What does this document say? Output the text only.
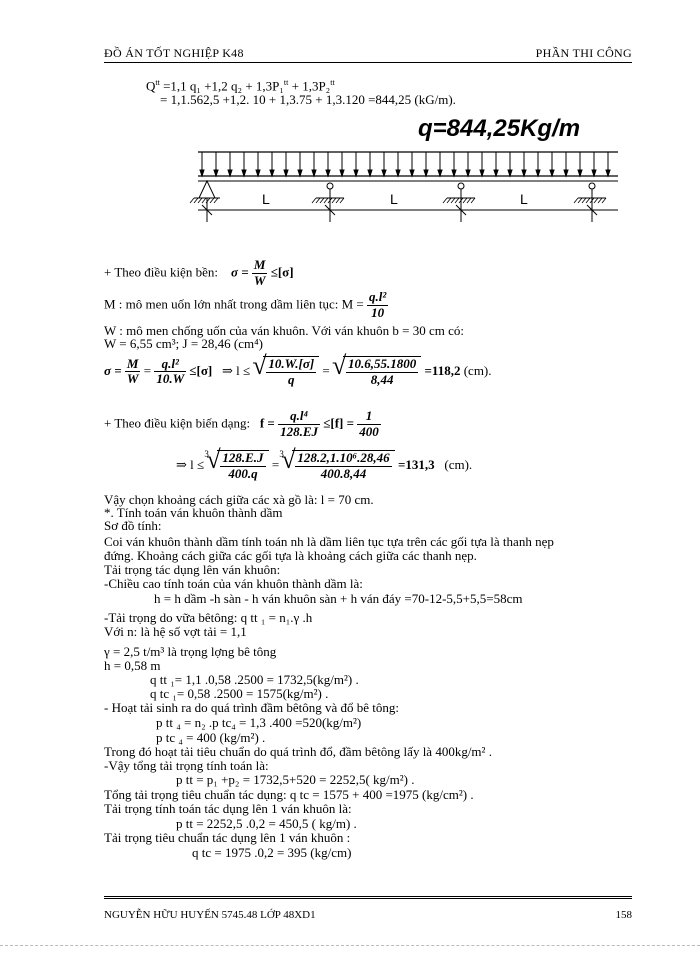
ĐỒ ÁN TỐT NGHIỆP K48	PHẦN THI CÔNG
$Q^{tt} =1,1$ q₁ +1,2 q₂ + 1,3P₁$^{tt}$ + 1,3P₂$^{tt}$
= 1,1.562,5 +1,2. 10 + 1,3.75 + 1,3.120 =844,25 (kG/m).
q=844,25Kg/m
L	L	L
+ Theo điều kiện bền: $\sigma = \frac{M}{W} \le[\sigma]$
M : mô men uốn lớn nhất trong dầm liên tục: $M = \frac{\text{q.l²}}{10}$
W : mô men chống uốn của ván khuôn. Với ván khuôn b = 30 cm có:
W = 6,55 cm³; J = 28,46 (cm⁴)
$\sigma = \frac{M}{W} = \frac{\text{q.l²}}{10.W} \le[\sigma]$ ⇒ l ≤ √ $\frac{10.W.[\sigma]}{q}$ = √ $\frac{10.6,55.1800}{8,44} =118,2$ (cm).
+ Theo điều kiện biến dạng: $f = \frac{\text{q.l⁴}}{128.EJ} \le[f] = \frac{1}{400}$
⇒ l ≤
√ $3 \frac{128.E.J}{400.q}$ =
√ $3 \frac{\text{128.2,1.10⁶.28,46}}{400.8,44} =131,3$ (cm).
Vậy chọn khoảng cách giữa các xà gồ là: l = 70 cm.
*. Tính toán ván khuôn thành dầm
Sơ đồ tính:
Coi ván khuôn thành dầm tính toán nh là dầm liên tục tựa trên các gối tựa là thanh nẹp
đứng. Khoảng cách giữa các gối tựa là khoảng cách giữa các thanh nẹp.
Tải trọng tác dụng lên ván khuôn:
-Chiều cao tính toán của ván khuôn thành dầm là:
h = h dầm -h sàn - h ván khuôn sàn + h ván đáy =70-12-5,5+5,5=58cm
-Tải trọng do vữa bêtông: q tt ₁ = n₁.γ .h
Với n: là hệ số vợt tải = 1,1
γ = 2,5 t/m³ là trọng lợng bê tông
h = 0,58 m
q tt ₁= 1,1 .0,58 .2500 = 1732,5(kg/m²) .
q tc ₁= 0,58 .2500 = 1575(kg/m²) .
- Hoạt tải sinh ra do quá trình đầm bêtông và đổ bê tông:
p tt ₄ = n₂ .p tc₄ = 1,3 .400 =520(kg/m²)
p tc ₄ = 400 (kg/m²) .
Trong đó hoạt tải tiêu chuẩn do quá trình đổ, đầm bêtông lấy là 400kg/m² .
-Vậy tổng tải trọng tính toán là:
p tt = p₁ +p₂ = 1732,5+520 = 2252,5( kg/m²) .
Tổng tải trọng tiêu chuẩn tác dụng: q tc = 1575 + 400 =1975 (kg/cm²) .
Tải trọng tính toán tác dụng lên 1 ván khuôn là:
p tt = 2252,5 .0,2 = 450,5 ( kg/m) .
Tải trọng tiêu chuẩn tác dụng lên 1 ván khuôn :
q tc = 1975 .0,2 = 395 (kg/cm)
NGUYỄN HỮU HUYẾN 5745.48 LỚP 48XD1	158
